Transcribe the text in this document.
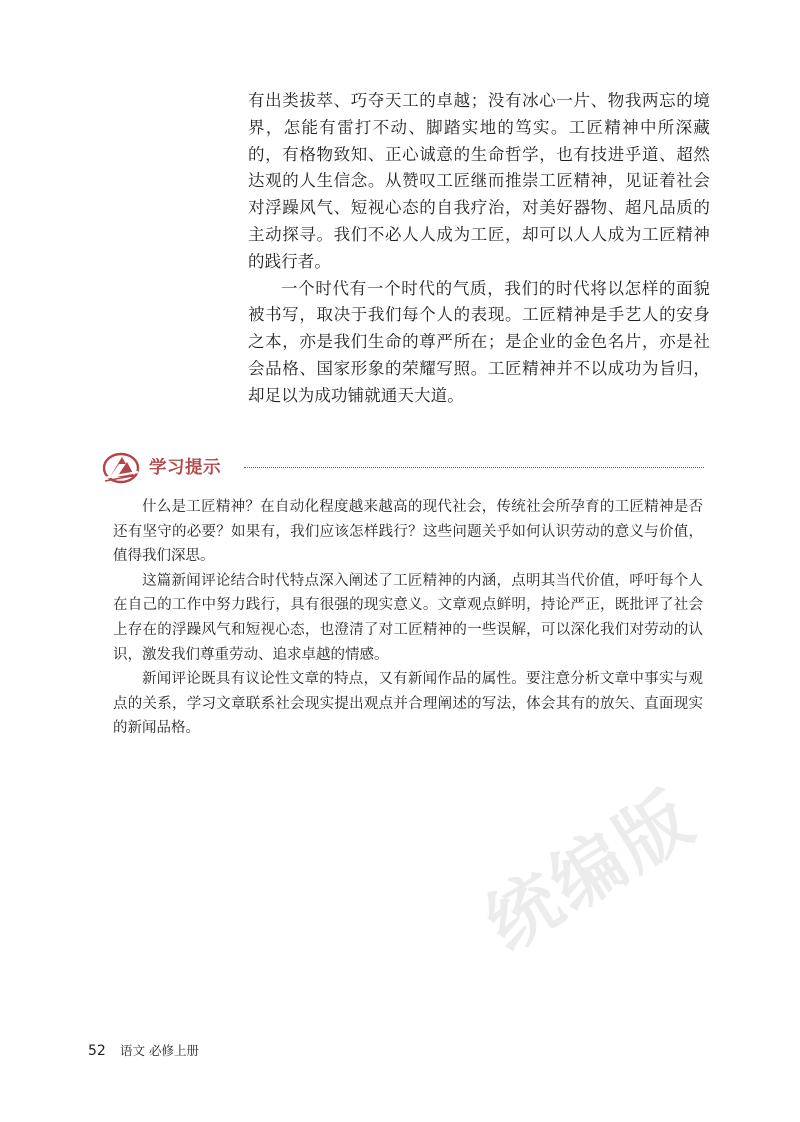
有出类拔萃、巧夺天工的卓越；没有冰心一片、物我两忘的境界，怎能有雷打不动、脚踏实地的笃实。工匠精神中所深藏的，有格物致知、正心诚意的生命哲学，也有技进乎道、超然达观的人生信念。从赞叹工匠继而推崇工匠精神，见证着社会对浮躁风气、短视心态的自我疗治，对美好器物、超凡品质的主动探寻。我们不必人人成为工匠，却可以人人成为工匠精神的践行者。

一个时代有一个时代的气质，我们的时代将以怎样的面貌被书写，取决于我们每个人的表现。工匠精神是手艺人的安身之本，亦是我们生命的尊严所在；是企业的金色名片，亦是社会品格、国家形象的荣耀写照。工匠精神并不以成功为旨归，却足以为成功铺就通天大道。

学习提示

什么是工匠精神？在自动化程度越来越高的现代社会，传统社会所孕育的工匠精神是否还有坚守的必要？如果有，我们应该怎样践行？这些问题关乎如何认识劳动的意义与价值，值得我们深思。

这篇新闻评论结合时代特点深入阐述了工匠精神的内涵，点明其当代价值，呼吁每个人在自己的工作中努力践行，具有很强的现实意义。文章观点鲜明，持论严正，既批评了社会上存在的浮躁风气和短视心态，也澄清了对工匠精神的一些误解，可以深化我们对劳动的认识，激发我们尊重劳动、追求卓越的情感。

新闻评论既具有议论性文章的特点，又有新闻作品的属性。要注意分析文章中事实与观点的关系，学习文章联系社会现实提出观点并合理阐述的写法，体会其有的放矢、直面现实的新闻品格。

统编版
52 语文 必修上册
